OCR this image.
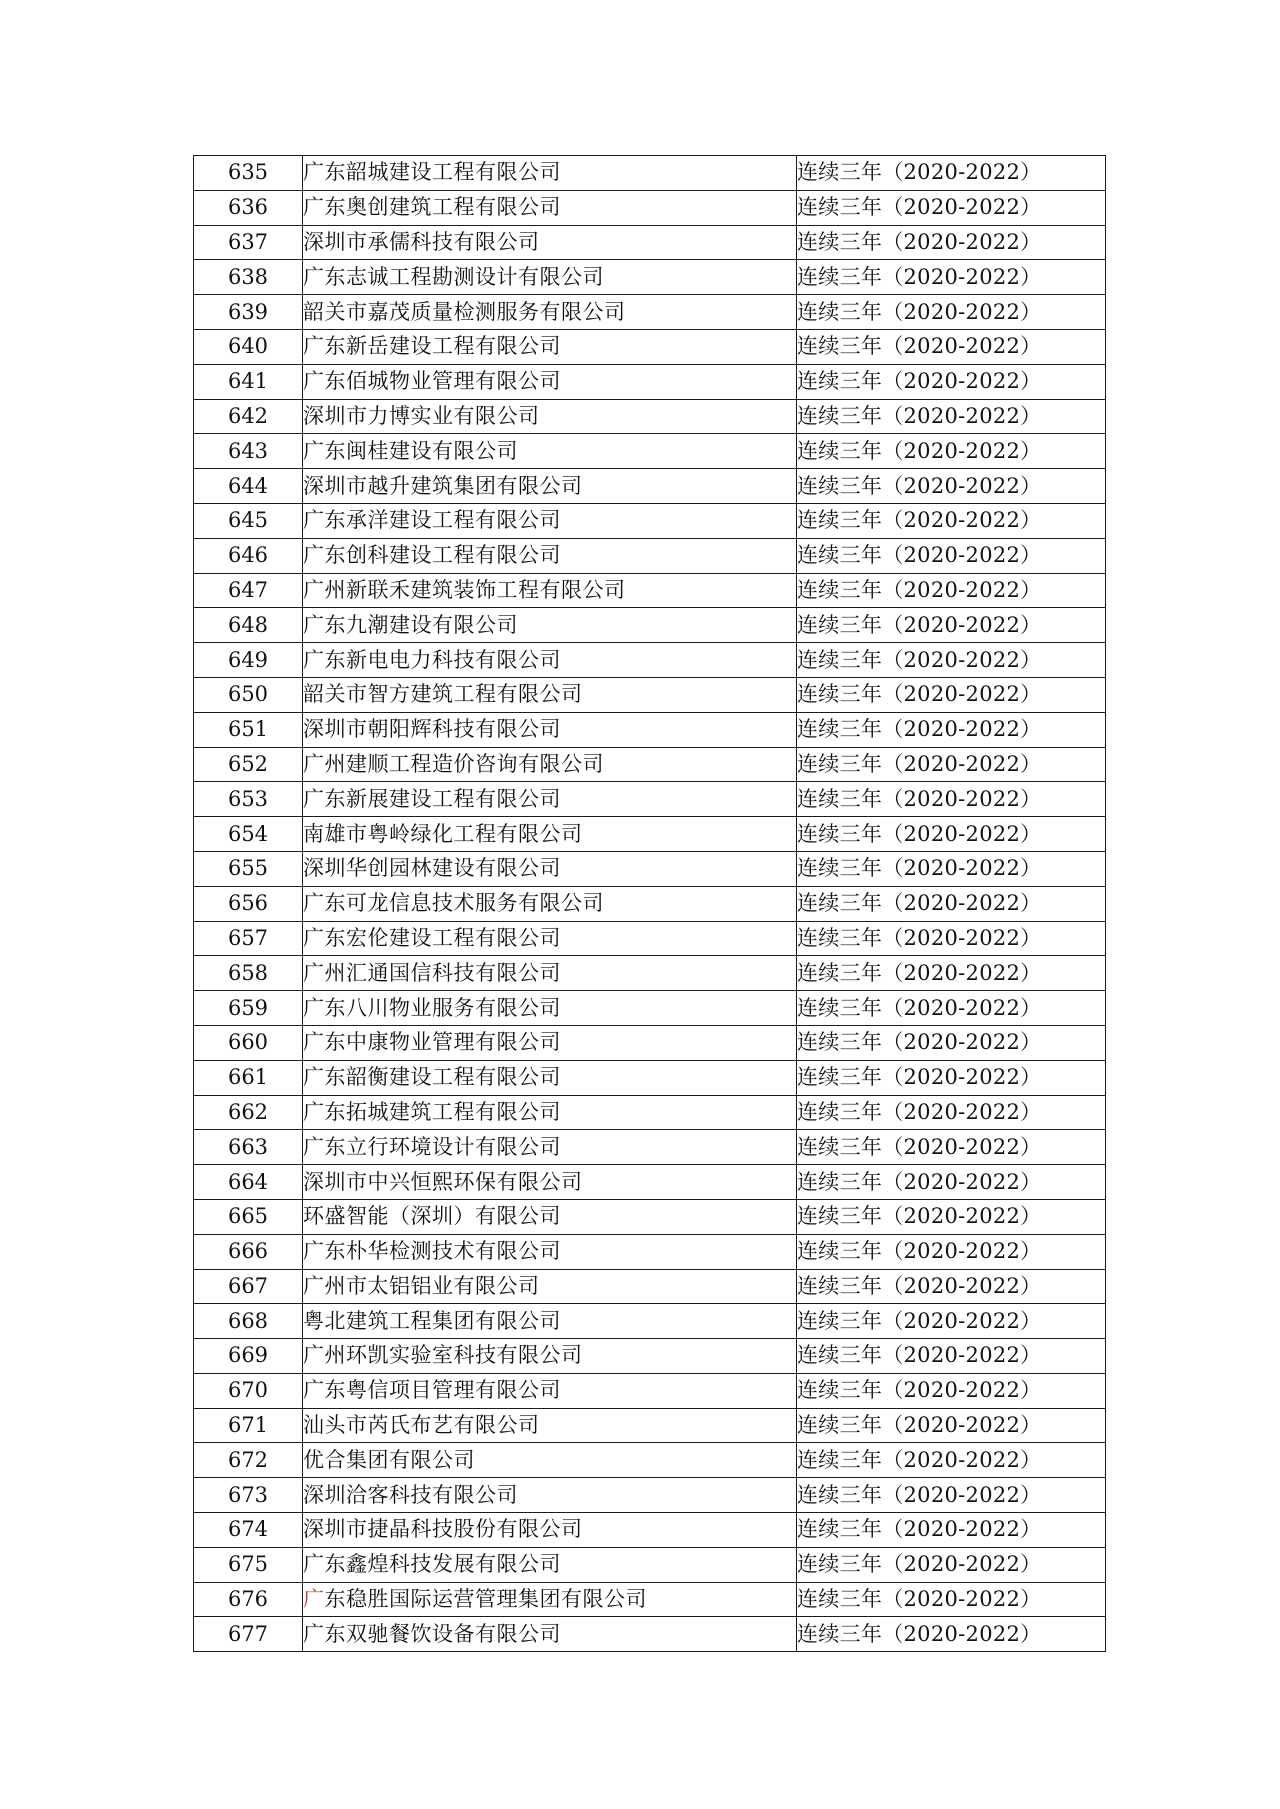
635	广东韶城建设工程有限公司	连续三年（2020-2022）
636	广东奥创建筑工程有限公司	连续三年（2020-2022）
637	深圳市承儒科技有限公司	连续三年（2020-2022）
638	广东志诚工程勘测设计有限公司	连续三年（2020-2022）
639	韶关市嘉茂质量检测服务有限公司	连续三年（2020-2022）
640	广东新岳建设工程有限公司	连续三年（2020-2022）
641	广东佰城物业管理有限公司	连续三年（2020-2022）
642	深圳市力博实业有限公司	连续三年（2020-2022）
643	广东闽桂建设有限公司	连续三年（2020-2022）
644	深圳市越升建筑集团有限公司	连续三年（2020-2022）
645	广东承洋建设工程有限公司	连续三年（2020-2022）
646	广东创科建设工程有限公司	连续三年（2020-2022）
647	广州新联禾建筑装饰工程有限公司	连续三年（2020-2022）
648	广东九潮建设有限公司	连续三年（2020-2022）
649	广东新电电力科技有限公司	连续三年（2020-2022）
650	韶关市智方建筑工程有限公司	连续三年（2020-2022）
651	深圳市朝阳辉科技有限公司	连续三年（2020-2022）
652	广州建顺工程造价咨询有限公司	连续三年（2020-2022）
653	广东新展建设工程有限公司	连续三年（2020-2022）
654	南雄市粤岭绿化工程有限公司	连续三年（2020-2022）
655	深圳华创园林建设有限公司	连续三年（2020-2022）
656	广东可龙信息技术服务有限公司	连续三年（2020-2022）
657	广东宏伦建设工程有限公司	连续三年（2020-2022）
658	广州汇通国信科技有限公司	连续三年（2020-2022）
659	广东八川物业服务有限公司	连续三年（2020-2022）
660	广东中康物业管理有限公司	连续三年（2020-2022）
661	广东韶衡建设工程有限公司	连续三年（2020-2022）
662	广东拓城建筑工程有限公司	连续三年（2020-2022）
663	广东立行环境设计有限公司	连续三年（2020-2022）
664	深圳市中兴恒熙环保有限公司	连续三年（2020-2022）
665	环盛智能（深圳）有限公司	连续三年（2020-2022）
666	广东朴华检测技术有限公司	连续三年（2020-2022）
667	广州市太铝铝业有限公司	连续三年（2020-2022）
668	粤北建筑工程集团有限公司	连续三年（2020-2022）
669	广州环凯实验室科技有限公司	连续三年（2020-2022）
670	广东粤信项目管理有限公司	连续三年（2020-2022）
671	汕头市芮氏布艺有限公司	连续三年（2020-2022）
672	优合集团有限公司	连续三年（2020-2022）
673	深圳洽客科技有限公司	连续三年（2020-2022）
674	深圳市捷晶科技股份有限公司	连续三年（2020-2022）
675	广东鑫煌科技发展有限公司	连续三年（2020-2022）
676	广东稳胜国际运营管理集团有限公司	连续三年（2020-2022）
677	广东双驰餐饮设备有限公司	连续三年（2020-2022）
